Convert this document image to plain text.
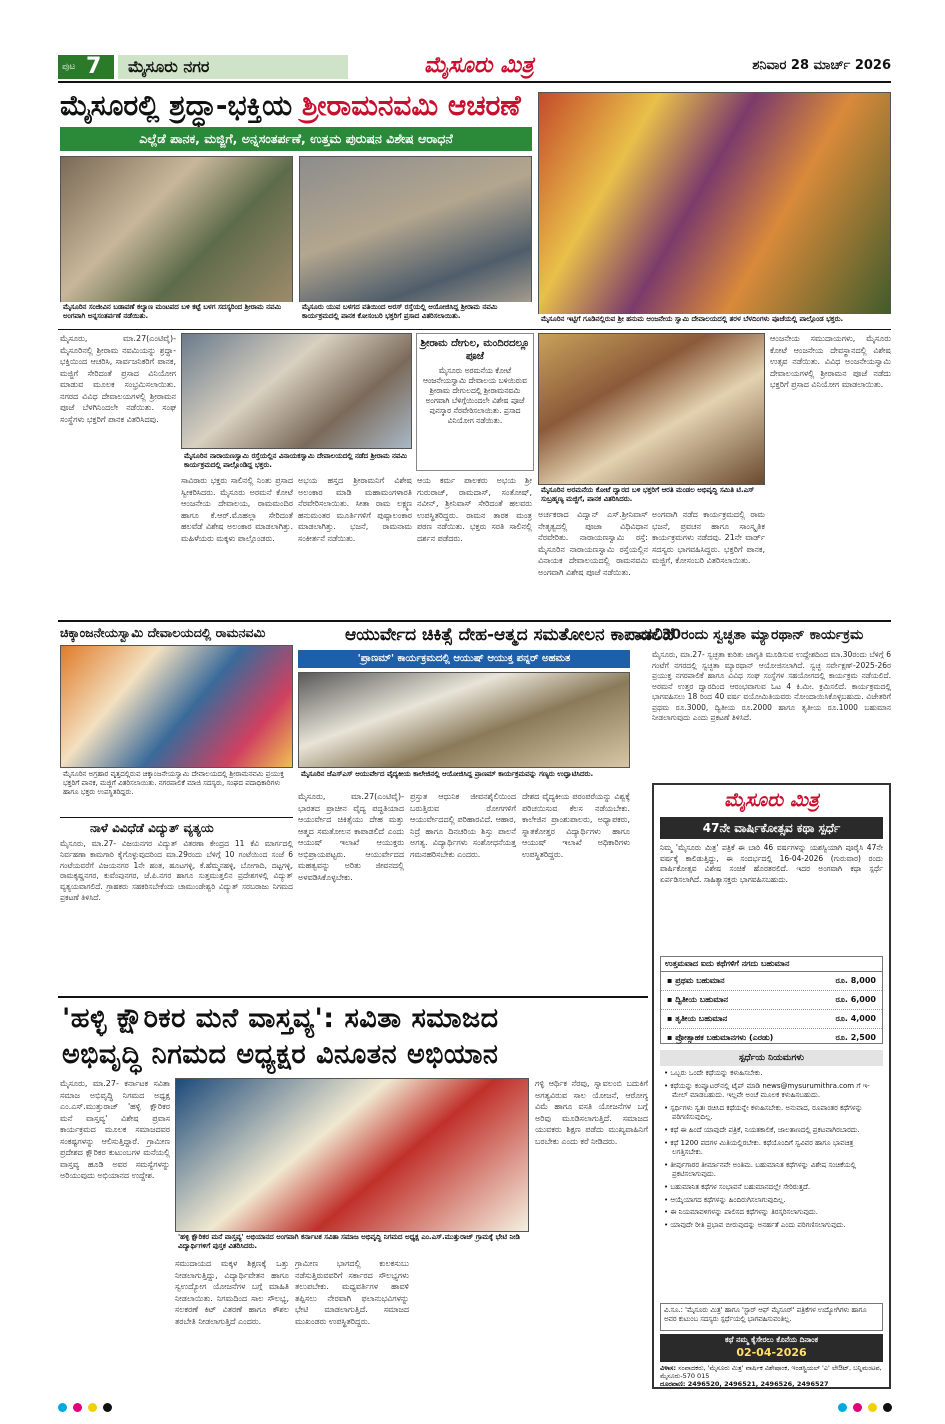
ಪುಟ 7	ಮೈಸೂರು ನಗರ	ಮೈಸೂರು ಮಿತ್ರ	ಶನಿವಾರ 28 ಮಾರ್ಚ್ 2026
ಮೈಸೂರಲ್ಲಿ ಶ್ರದ್ಧಾ-ಭಕ್ತಿಯ ಶ್ರೀರಾಮನವಮಿ ಆಚರಣೆ
ಎಲ್ಲೆಡೆ ಪಾನಕ, ಮಜ್ಜಿಗೆ, ಅನ್ನಸಂತರ್ಪಣೆ, ಉತ್ತಮ ಪುರುಷನ ವಿಶೇಷ ಆರಾಧನೆ
ಮೈಸೂರಿನ ಸಂಜೀವಿನ ಬಡಾವಣೆ ಕಲ್ಯಾಣ ಮಂಟಪದ ಬಳಿ ಕಟ್ಟೆ ಬಳಗ ಸದಸ್ಯರಿಂದ ಶ್ರೀರಾಮ ನವಮಿ ಅಂಗವಾಗಿ ಅನ್ನಸಂತರ್ಪಣೆ ನಡೆಯಿತು.
ಮೈಸೂರು ಯುವ ಬಳಗದ ವತಿಯಿಂದ ಅರಸ್ ರಸ್ತೆಯಲ್ಲಿ ಆಯೋಜಿಸಿದ್ದ ಶ್ರೀರಾಮ ನವಮಿ ಕಾರ್ಯಕ್ರಮದಲ್ಲಿ ಪಾನಕ ಕೋಸಂಬರಿ ಭಕ್ತರಿಗೆ ಪ್ರಸಾದ ವಿತರಿಸಲಾಯಿತು.	ಮೈಸೂರಿನ ಇಟ್ಟಿಗೆ ಗೂಡಿನಲ್ಲಿರುವ ಶ್ರೀ ಹನುಮ ಆಂಜನೇಯ ಸ್ವಾಮಿ ದೇವಾಲಯದಲ್ಲಿ ತರಳ ಬೆಳದಿಂಗಳು ಪೂಜೆಯಲ್ಲಿ ಪಾಲ್ಗೊಂಡ ಭಕ್ತರು.
ಮೈಸೂರು, ಮಾ.27(ಎಂಟಿವೈ)- ಮೈಸೂರಿನಲ್ಲಿ ಶ್ರೀರಾಮ ನವಮಿಯನ್ನು ಶ್ರದ್ಧಾ-ಭಕ್ತಿಯಿಂದ ಆಚರಿಸಿ, ಸಾರ್ವಜನಿಕರಿಗೆ ಪಾನಕ, ಮಜ್ಜಿಗೆ ಸೇರಿದಂತೆ ಪ್ರಸಾದ ವಿನಿಯೋಗ ಮಾಡುವ ಮೂಲಕ ಸಂಭ್ರಮಿಸಲಾಯಿತು. ನಗರದ ವಿವಿಧ ದೇವಾಲಯಗಳಲ್ಲಿ ಶ್ರೀರಾಮನ ಪೂಜೆ ಬೆಳಗಿನಿಂದಲೇ ನಡೆಯಿತು. ಸಂಘ ಸಂಸ್ಥೆಗಳು ಭಕ್ತರಿಗೆ ಪಾನಕ ವಿತರಿಸಿದವು.
ಮೈಸೂರಿನ ನಾರಾಯಣಸ್ವಾಮಿ ರಸ್ತೆಯಲ್ಲಿನ ವಿನಾಯಕಸ್ವಾಮಿ ದೇವಾಲಯದಲ್ಲಿ ನಡೆದ ಶ್ರೀರಾಮ ನವಮಿ ಕಾರ್ಯಕ್ರಮದಲ್ಲಿ ಪಾಲ್ಗೊಂಡಿದ್ದ ಭಕ್ತರು.
ಶ್ರೀರಾಮ ದೇಗುಲ, ಮಂದಿರದಲ್ಲೂ ಪೂಜೆ
ಮೈಸೂರು ಅರಮನೆಯ ಕೋಟೆ ಆಂಜನೇಯಸ್ವಾಮಿ ದೇವಾಲಯ ಬಳಿಯಿರುವ ಶ್ರೀರಾಮ ದೇಗುಲದಲ್ಲಿ ಶ್ರೀರಾಮನವಮಿ ಅಂಗವಾಗಿ ಬೆಳಿಗ್ಗೆಯಿಂದಲೇ ವಿಶೇಷ ಪೂಜೆ ಪುನಸ್ಕಾರ ನೆರವೇರಿಸಲಾಯಿತು. ಪ್ರಸಾದ ವಿನಿಯೋಗ ನಡೆಯಿತು.
ಮೈಸೂರಿನ ಅರಮನೆಯ ಕೋಟೆ ದ್ವಾರದ ಬಳಿ ಭಕ್ತರಿಗೆ ಆರತಿ ಮಂಡಲ ಅಭಿವೃದ್ಧಿ ಸಮಿತಿ ಟಿ.ಎಸ್ ಸುಬ್ರಹ್ಮಣ್ಯ ಮಜ್ಜಿಗೆ, ಪಾನಕ ವಿತರಿಸಿದರು.
ಆಂಜನೇಯ ಸಮುದಾಯಗಳು, ಮೈಸೂರು ಕೋಟೆ ಆಂಜನೇಯ ದೇವಸ್ಥಾನದಲ್ಲಿ ವಿಶೇಷ ಉತ್ಸವ ನಡೆಯಿತು. ವಿವಿಧ ಅಂಜನೇಯಸ್ವಾಮಿ ದೇವಾಲಯಗಳಲ್ಲಿ ಶ್ರೀರಾಮನ ಪೂಜೆ ನಡೆದು ಭಕ್ತರಿಗೆ ಪ್ರಸಾದ ವಿನಿಯೋಗ ಮಾಡಲಾಯಿತು.
ಸಾವಿರಾರು ಭಕ್ತರು ಸಾಲಿನಲ್ಲಿ ನಿಂತು ಪ್ರಸಾದ ಸ್ವೀಕರಿಸಿದರು. ಮೈಸೂರು ಅರಮನೆ ಕೋಟೆ ಆಂಜನೇಯ ದೇವಾಲಯ, ರಾಮಮಂದಿರ ಹಾಗೂ ಕೆ.ಆರ್.ಮೊಹಲ್ಲಾ ಸೇರಿದಂತೆ ಹಲವೆಡೆ ವಿಶೇಷ ಅಲಂಕಾರ ಮಾಡಲಾಗಿತ್ತು. ಮಹಿಳೆಯರು ಮಕ್ಕಳು ಪಾಲ್ಗೊಂಡರು.
ಅಭಯ ಹಸ್ತದ ಶ್ರೀರಾಮನಿಗೆ ವಿಶೇಷ ಅಲಂಕಾರ ಮಾಡಿ ಮಹಾಮಂಗಳಾರತಿ ನೆರವೇರಿಸಲಾಯಿತು. ಸೀತಾ ರಾಮ ಲಕ್ಷ್ಮಣ ಹನುಮಂತರ ಮೂರ್ತಿಗಳಿಗೆ ಪುಷ್ಪಾಲಂಕಾರ ಮಾಡಲಾಗಿತ್ತು. ಭಜನೆ, ರಾಮನಾಮ ಸಂಕೀರ್ತನೆ ನಡೆಯಿತು.
ಆಯ ಕರ್ಮ ಪಾಲಕರು ಅಭಯ ಶ್ರೀ ಗುರುರಾಜ್, ರಾಮದಾಸ್, ಸಂತೋಷ್, ನವೀನ್, ಶ್ರೀನಿವಾಸ್ ಸೇರಿದಂತೆ ಹಲವರು ಉಪಸ್ಥಿತರಿದ್ದರು. ರಾಮನ ತಾರಕ ಮಂತ್ರ ಪಠಣ ನಡೆಯಿತು. ಭಕ್ತರು ಸರತಿ ಸಾಲಿನಲ್ಲಿ ದರ್ಶನ ಪಡೆದರು.
ಅರ್ಚಕರಾದ ವಿದ್ವಾನ್ ಎಸ್.ಶ್ರೀನಿವಾಸ್ ನೇತೃತ್ವದಲ್ಲಿ ಪೂಜಾ ವಿಧಿವಿಧಾನ ನೆರವೇರಿತು. ನಾರಾಯಣಸ್ವಾಮಿ ರಸ್ತೆ: ಮೈಸೂರಿನ ನಾರಾಯಣಸ್ವಾಮಿ ರಸ್ತೆಯಲ್ಲಿನ ವಿನಾಯಕ ದೇವಾಲಯದಲ್ಲಿ ರಾಮನವಮಿ ಅಂಗವಾಗಿ ವಿಶೇಷ ಪೂಜೆ ನಡೆಯಿತು.
ಅಂಗವಾಗಿ ನಡೆದ ಕಾರ್ಯಕ್ರಮದಲ್ಲಿ ರಾಮ ಭಜನೆ, ಪ್ರವಚನ ಹಾಗೂ ಸಾಂಸ್ಕೃತಿಕ ಕಾರ್ಯಕ್ರಮಗಳು ನಡೆದವು. 21ನೇ ವಾರ್ಡ್ ಸದಸ್ಯರು ಭಾಗವಹಿಸಿದ್ದರು. ಭಕ್ತರಿಗೆ ಪಾನಕ, ಮಜ್ಜಿಗೆ, ಕೋಸಂಬರಿ ವಿತರಿಸಲಾಯಿತು.
ಚಿಕ್ಕಾಂಜನೇಯಸ್ವಾಮಿ ದೇವಾಲಯದಲ್ಲಿ ರಾಮನವಮಿ
ಮೈಸೂರಿನ ಅಗ್ರಹಾರ ವೃತ್ತದಲ್ಲಿರುವ ಚಿಕ್ಕಾಂಜನೇಯಸ್ವಾಮಿ ದೇವಾಲಯದಲ್ಲಿ ಶ್ರೀರಾಮನವಮಿ ಪ್ರಯುಕ್ತ ಭಕ್ತರಿಗೆ ಪಾನಕ, ಮಜ್ಜಿಗೆ ವಿತರಿಸಲಾಯಿತು. ನಗರಪಾಲಿಕೆ ಮಾಜಿ ಸದಸ್ಯರು, ಸಂಘದ ಪದಾಧಿಕಾರಿಗಳು ಹಾಗೂ ಭಕ್ತರು ಉಪಸ್ಥಿತರಿದ್ದರು.
ನಾಳೆ ವಿವಿಧೆಡೆ ವಿದ್ಯುತ್ ವ್ಯತ್ಯಯ
ಮೈಸೂರು, ಮಾ.27- ವಿಜಯನಗರ ವಿದ್ಯುತ್ ವಿತರಣಾ ಕೇಂದ್ರದ 11 ಕೆವಿ ಮಾರ್ಗದಲ್ಲಿ ನಿರ್ವಹಣಾ ಕಾಮಗಾರಿ ಕೈಗೊಳ್ಳುವುದರಿಂದ ಮಾ.29ರಂದು ಬೆಳಿಗ್ಗೆ 10 ಗಂಟೆಯಿಂದ ಸಂಜೆ 6 ಗಂಟೆಯವರೆಗೆ ವಿಜಯನಗರ 1ನೇ ಹಂತ, ಹೂಟಗಳ್ಳಿ, ಕೆ.ಹೆಮ್ಮನಹಳ್ಳಿ, ಬೋಗಾದಿ, ದಟ್ಟಗಳ್ಳಿ, ರಾಮಕೃಷ್ಣನಗರ, ಕುವೆಂಪುನಗರ, ಜೆ.ಪಿ.ನಗರ ಹಾಗೂ ಸುತ್ತಮುತ್ತಲಿನ ಪ್ರದೇಶಗಳಲ್ಲಿ ವಿದ್ಯುತ್ ವ್ಯತ್ಯಯವಾಗಲಿದೆ. ಗ್ರಾಹಕರು ಸಹಕರಿಸಬೇಕೆಂದು ಚಾಮುಂಡೇಶ್ವರಿ ವಿದ್ಯುತ್ ಸರಬರಾಜು ನಿಗಮದ ಪ್ರಕಟಣೆ ತಿಳಿಸಿದೆ.
ಆಯುರ್ವೇದ ಚಿಕಿತ್ಸೆ ದೇಹ-ಆತ್ಮದ ಸಮತೋಲನ ಕಾಪಾಡಲಿದೆ
'ಪ್ರಾಣಮ್' ಕಾರ್ಯಕ್ರಮದಲ್ಲಿ ಆಯುಷ್ ಆಯುಕ್ತ ಪನ್ನರ್ ಅಹಮತ
ಮೈಸೂರಿನ ಜೆಎಸ್‌ಎಸ್ ಆಯುರ್ವೇದ ವೈದ್ಯಕೀಯ ಕಾಲೇಜಿನಲ್ಲಿ ಆಯೋಜಿಸಿದ್ದ ಪ್ರಾಣಮ್ ಕಾರ್ಯಕ್ರಮವನ್ನು ಗಣ್ಯರು ಉದ್ಘಾಟಿಸಿದರು.
ಮೈಸೂರು, ಮಾ.27(ಎಂಟಿವೈ)- ಭಾರತದ ಪ್ರಾಚೀನ ವೈದ್ಯ ಪದ್ಧತಿಯಾದ ಆಯುರ್ವೇದ ಚಿಕಿತ್ಸೆಯು ದೇಹ ಮತ್ತು ಆತ್ಮದ ಸಮತೋಲನ ಕಾಪಾಡಲಿದೆ ಎಂದು ಆಯುಷ್ ಇಲಾಖೆ ಆಯುಕ್ತರು ಅಭಿಪ್ರಾಯಪಟ್ಟರು. ಆಯುರ್ವೇದದ ಮಹತ್ವವನ್ನು ಅರಿತು ಜೀವನದಲ್ಲಿ ಅಳವಡಿಸಿಕೊಳ್ಳಬೇಕು.
ಪ್ರಸ್ತುತ ಆಧುನಿಕ ಜೀವನಶೈಲಿಯಿಂದ ಬರುತ್ತಿರುವ ರೋಗಗಳಿಗೆ ಆಯುರ್ವೇದದಲ್ಲಿ ಪರಿಹಾರವಿದೆ. ಆಹಾರ, ನಿದ್ರೆ ಹಾಗೂ ದಿನಚರಿಯ ಶಿಸ್ತು ಪಾಲನೆ ಅಗತ್ಯ. ವಿದ್ಯಾರ್ಥಿಗಳು ಸಂಶೋಧನೆಯತ್ತ ಗಮನಹರಿಸಬೇಕು ಎಂದರು.
ದೇಶದ ವೈದ್ಯಕೀಯ ಪರಂಪರೆಯನ್ನು ವಿಶ್ವಕ್ಕೆ ಪರಿಚಯಿಸುವ ಕೆಲಸ ನಡೆಯಬೇಕು. ಕಾಲೇಜಿನ ಪ್ರಾಂಶುಪಾಲರು, ಅಧ್ಯಾಪಕರು, ಸ್ನಾತಕೋತ್ತರ ವಿದ್ಯಾರ್ಥಿಗಳು ಹಾಗೂ ಆಯುಷ್ ಇಲಾಖೆ ಅಧಿಕಾರಿಗಳು ಉಪಸ್ಥಿತರಿದ್ದರು.
ಮಾ.30ರಂದು ಸ್ವಚ್ಛತಾ ಮ್ಯಾರಥಾನ್ ಕಾರ್ಯಕ್ರಮ
ಮೈಸೂರು, ಮಾ.27- ಸ್ವಚ್ಛತಾ ಕುರಿತು ಜಾಗೃತಿ ಮೂಡಿಸುವ ಉದ್ದೇಶದಿಂದ ಮಾ.30ರಂದು ಬೆಳಿಗ್ಗೆ 6 ಗಂಟೆಗೆ ನಗರದಲ್ಲಿ ಸ್ವಚ್ಛತಾ ಮ್ಯಾರಥಾನ್ ಆಯೋಜಿಸಲಾಗಿದೆ. ಸ್ವಚ್ಛ ಸರ್ವೇಕ್ಷಣ್-2025-26ರ ಪ್ರಯುಕ್ತ ನಗರಪಾಲಿಕೆ ಹಾಗೂ ವಿವಿಧ ಸಂಘ ಸಂಸ್ಥೆಗಳ ಸಹಯೋಗದಲ್ಲಿ ಕಾರ್ಯಕ್ರಮ ನಡೆಯಲಿದೆ. ಅರಮನೆ ಉತ್ತರ ದ್ವಾರದಿಂದ ಆರಂಭವಾಗುವ ಓಟ 4 ಕಿ.ಮೀ. ಕ್ರಮಿಸಲಿದೆ. ಕಾರ್ಯಕ್ರಮದಲ್ಲಿ ಭಾಗವಹಿಸಲು 18 ರಿಂದ 40 ವರ್ಷ ವಯೋಮಿತಿಯವರು ನೋಂದಾಯಿಸಿಕೊಳ್ಳಬಹುದು. ವಿಜೇತರಿಗೆ ಪ್ರಥಮ ರೂ.3000, ದ್ವಿತೀಯ ರೂ.2000 ಹಾಗೂ ತೃತೀಯ ರೂ.1000 ಬಹುಮಾನ ನೀಡಲಾಗುವುದು ಎಂದು ಪ್ರಕಟಣೆ ತಿಳಿಸಿದೆ.
ಮೈಸೂರು ಮಿತ್ರ
47ನೇ ವಾರ್ಷಿಕೋತ್ಸವ ಕಥಾ ಸ್ಪರ್ಧೆ
ನಿಮ್ಮ 'ಮೈಸೂರು ಮಿತ್ರ' ಪತ್ರಿಕೆ ಈ ಬಾರಿ 46 ವರ್ಷಗಳನ್ನು ಯಶಸ್ವಿಯಾಗಿ ಪೂರೈಸಿ 47ನೇ ವರ್ಷಕ್ಕೆ ಕಾಲಿಡುತ್ತಿದ್ದು, ಈ ಸಂದರ್ಭದಲ್ಲಿ 16-04-2026 (ಗುರುವಾರ) ರಂದು ವಾರ್ಷಿಕೋತ್ಸವ ವಿಶೇಷ ಸಂಚಿಕೆ ಹೊರತರಲಿದೆ. ಇದರ ಅಂಗವಾಗಿ ಕಥಾ ಸ್ಪರ್ಧೆ ಏರ್ಪಡಿಸಲಾಗಿದೆ. ಸಾಹಿತ್ಯಾಸಕ್ತರು ಭಾಗವಹಿಸಬಹುದು.
ಉತ್ತಮವಾದ ಐದು ಕಥೆಗಳಿಗೆ ನಗದು ಬಹುಮಾನ
▪ ಪ್ರಥಮ ಬಹುಮಾನ	ರೂ. 8,000
▪ ದ್ವಿತೀಯ ಬಹುಮಾನ	ರೂ. 6,000
▪ ತೃತೀಯ ಬಹುಮಾನ	ರೂ. 4,000
▪ ಪ್ರೋತ್ಸಾಹಕ ಬಹುಮಾನಗಳು (ಎರಡು)	ರೂ. 2,500
ಸ್ಪರ್ಧೆಯ ನಿಯಮಗಳು
• ಒಬ್ಬರು ಒಂದೇ ಕಥೆಯನ್ನು ಕಳುಹಿಸಬೇಕು.
• ಕಥೆಯನ್ನು ಕಂಪ್ಯೂಟರ್‌ನಲ್ಲಿ ಟೈಪ್ ಮಾಡಿ news@mysurumithra.com ಗೆ ಇ-ಮೇಲ್ ಮಾಡಬಹುದು. ಇಲ್ಲವೇ ಅಂಚೆ ಮೂಲಕ ಕಳುಹಿಸಬಹುದು.
• ಸ್ಪರ್ಧಿಗಳು ಸ್ವತಃ ರಚಿಸಿದ ಕಥೆಯನ್ನೇ ಕಳುಹಿಸಬೇಕು. ಅನುವಾದ, ರೂಪಾಂತರ ಕಥೆಗಳನ್ನು ಪರಿಗಣಿಸುವುದಿಲ್ಲ.
• ಕಥೆ ಈ ಹಿಂದೆ ಯಾವುದೇ ಪತ್ರಿಕೆ, ನಿಯತಕಾಲಿಕೆ, ಜಾಲತಾಣದಲ್ಲಿ ಪ್ರಕಟವಾಗಿರಬಾರದು.
• ಕಥೆ 1200 ಪದಗಳ ಮಿತಿಯಲ್ಲಿರಬೇಕು. ಕಥೆಯೊಂದಿಗೆ ಸ್ವವಿವರ ಹಾಗೂ ಭಾವಚಿತ್ರ ಲಗತ್ತಿಸಬೇಕು.
• ತೀರ್ಪುಗಾರರ ತೀರ್ಮಾನವೇ ಅಂತಿಮ. ಬಹುಮಾನಿತ ಕಥೆಗಳನ್ನು ವಿಶೇಷ ಸಂಚಿಕೆಯಲ್ಲಿ ಪ್ರಕಟಿಸಲಾಗುವುದು.
• ಬಹುಮಾನಿತ ಕಥೆಗಳ ಸಂಭಾವನೆ ಬಹುಮಾನದಲ್ಲೇ ಸೇರಿರುತ್ತದೆ.
• ಆಯ್ಕೆಯಾಗದ ಕಥೆಗಳನ್ನು ಹಿಂದಿರುಗಿಸಲಾಗುವುದಿಲ್ಲ.
• ಈ ನಿಯಮಾವಳಿಗಳನ್ನು ಪಾಲಿಸದ ಕಥೆಗಳನ್ನು ತಿರಸ್ಕರಿಸಲಾಗುವುದು.
• ಯಾವುದೇ ರೀತಿ ಪ್ರಭಾವ ಬೀರುವುದನ್ನು ಅನರ್ಹತೆ ಎಂದು ಪರಿಗಣಿಸಲಾಗುವುದು.
ವಿ.ಸೂ.: 'ಮೈಸೂರು ಮಿತ್ರ' ಹಾಗೂ 'ಸ್ಟಾರ್ ಆಫ್ ಮೈಸೂರ್' ಪತ್ರಿಕೆಗಳ ಉದ್ಯೋಗಿಗಳು ಹಾಗೂ ಅವರ ಕುಟುಂಬ ಸದಸ್ಯರು ಸ್ಪರ್ಧೆಯಲ್ಲಿ ಭಾಗವಹಿಸುವಂತಿಲ್ಲ.
ಕಥೆ ನಮ್ಮ ಕೈಸೇರಲು ಕೊನೆಯ ದಿನಾಂಕ
02-04-2026
ವಿಳಾಸ: ಸಂಪಾದಕರು, 'ಮೈಸೂರು ಮಿತ್ರ' ವಾರ್ಷಿಕ ವಿಶೇಷಾಂಕ, ಇಂಡಸ್ಟ್ರಿಯಲ್ 'ಎ' ಲೇಔಟ್, ಬನ್ನಿಮಂಟಪ, ಮೈಸೂರು-570 015
ದೂರವಾಣಿ: 2496520, 2496521, 2496526, 2496527
'ಹಳ್ಳಿ ಕ್ಷೌರಿಕರ ಮನೆ ವಾಸ್ತವ್ಯ': ಸವಿತಾ ಸಮಾಜದ
ಅಭಿವೃದ್ಧಿ ನಿಗಮದ ಅಧ್ಯಕ್ಷರ ವಿನೂತನ ಅಭಿಯಾನ
ಮೈಸೂರು, ಮಾ.27- ಕರ್ನಾಟಕ ಸವಿತಾ ಸಮಾಜ ಅಭಿವೃದ್ಧಿ ನಿಗಮದ ಅಧ್ಯಕ್ಷ ಎಂ.ಎಸ್.ಮುತ್ತುರಾಜ್ 'ಹಳ್ಳಿ ಕ್ಷೌರಿಕರ ಮನೆ ವಾಸ್ತವ್ಯ' ವಿಶೇಷ ಪ್ರವಾಸ ಕಾರ್ಯಕ್ರಮದ ಮೂಲಕ ಸಮಾಜದವರ ಸಂಕಷ್ಟಗಳನ್ನು ಆಲಿಸುತ್ತಿದ್ದಾರೆ. ಗ್ರಾಮೀಣ ಪ್ರದೇಶದ ಕ್ಷೌರಿಕರ ಕುಟುಂಬಗಳ ಮನೆಯಲ್ಲಿ ವಾಸ್ತವ್ಯ ಹೂಡಿ ಅವರ ಸಮಸ್ಯೆಗಳನ್ನು ಅರಿಯುವುದು ಅಭಿಯಾನದ ಉದ್ದೇಶ.
'ಹಳ್ಳಿ ಕ್ಷೌರಿಕರ ಮನೆ ವಾಸ್ತವ್ಯ' ಅಭಿಯಾನದ ಅಂಗವಾಗಿ ಕರ್ನಾಟಕ ಸವಿತಾ ಸಮಾಜ ಅಭಿವೃದ್ಧಿ ನಿಗಮದ ಅಧ್ಯಕ್ಷ ಎಂ.ಎಸ್.ಮುತ್ತುರಾಜ್ ಗ್ರಾಮಕ್ಕೆ ಭೇಟಿ ನೀಡಿ ವಿದ್ಯಾರ್ಥಿಗಳಿಗೆ ಪುಸ್ತಕ ವಿತರಿಸಿದರು.
ಸಮುದಾಯದ ಮಕ್ಕಳ ಶಿಕ್ಷಣಕ್ಕೆ ಒತ್ತು ನೀಡಲಾಗುತ್ತಿದ್ದು, ವಿದ್ಯಾರ್ಥಿವೇತನ ಹಾಗೂ ಸ್ವಉದ್ಯೋಗ ಯೋಜನೆಗಳ ಬಗ್ಗೆ ಮಾಹಿತಿ ನೀಡಲಾಯಿತು. ನಿಗಮದಿಂದ ಸಾಲ ಸೌಲಭ್ಯ, ಸಲಕರಣೆ ಕಿಟ್ ವಿತರಣೆ ಹಾಗೂ ಕೌಶಲ ತರಬೇತಿ ನೀಡಲಾಗುತ್ತಿದೆ ಎಂದರು.
ಗ್ರಾಮೀಣ ಭಾಗದಲ್ಲಿ ಕುಲಕಸುಬು ನಡೆಸುತ್ತಿರುವವರಿಗೆ ಸರ್ಕಾರದ ಸೌಲಭ್ಯಗಳು ತಲುಪಬೇಕು. ಮಧ್ಯವರ್ತಿಗಳ ಹಾವಳಿ ತಪ್ಪಿಸಲು ನೇರವಾಗಿ ಫಲಾನುಭವಿಗಳನ್ನು ಭೇಟಿ ಮಾಡಲಾಗುತ್ತಿದೆ. ಸಮಾಜದ ಮುಖಂಡರು ಉಪಸ್ಥಿತರಿದ್ದರು.
ಗಳ್ಳಿ ಆರ್ಥಿಕ ನೆರವು, ಸ್ವಾವಲಂಬಿ ಬದುಕಿಗೆ ಅಗತ್ಯವಿರುವ ಸಾಲ ಯೋಜನೆ, ಆರೋಗ್ಯ ವಿಮೆ ಹಾಗೂ ವಸತಿ ಯೋಜನೆಗಳ ಬಗ್ಗೆ ಅರಿವು ಮೂಡಿಸಲಾಗುತ್ತಿದೆ. ಸಮಾಜದ ಯುವಕರು ಶಿಕ್ಷಣ ಪಡೆದು ಮುಖ್ಯವಾಹಿನಿಗೆ ಬರಬೇಕು ಎಂದು ಕರೆ ನೀಡಿದರು.
